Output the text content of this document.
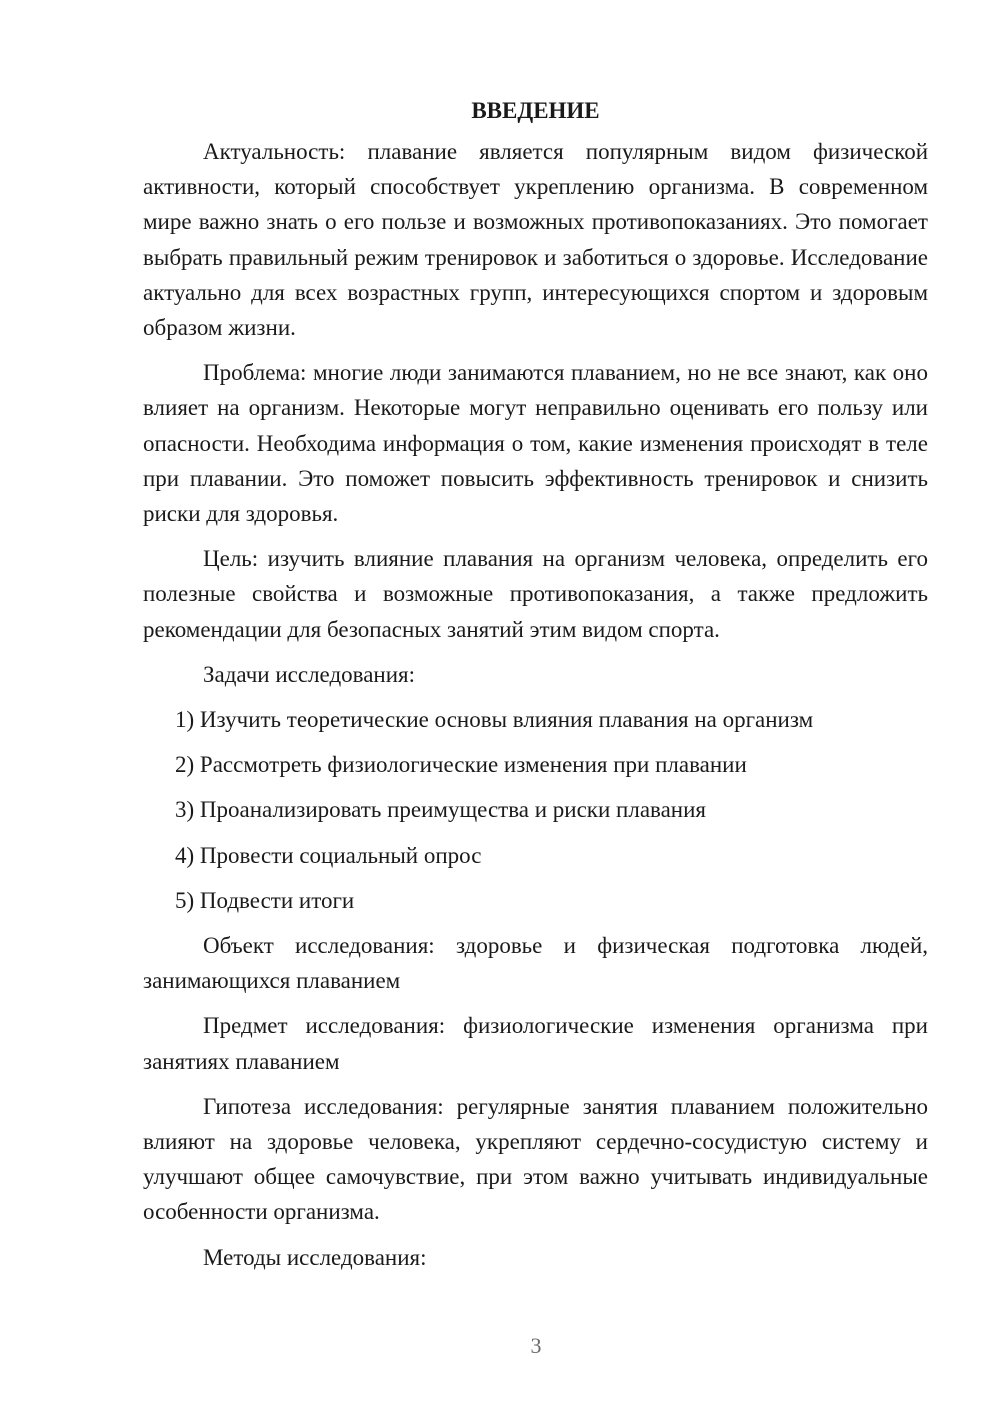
ВВЕДЕНИЕ

Актуальность: плавание является популярным видом физической активности, который способствует укреплению организма. В современном мире важно знать о его пользе и возможных противопоказаниях. Это помогает выбрать правильный режим тренировок и заботиться о здоровье. Исследование актуально для всех возрастных групп, интересующихся спортом и здоровым образом жизни.

Проблема: многие люди занимаются плаванием, но не все знают, как оно влияет на организм. Некоторые могут неправильно оценивать его пользу или опасности. Необходима информация о том, какие изменения происходят в теле при плавании. Это поможет повысить эффективность тренировок и снизить риски для здоровья.

Цель: изучить влияние плавания на организм человека, определить его полезные свойства и возможные противопоказания, а также предложить рекомендации для безопасных занятий этим видом спорта.

Задачи исследования:

1) Изучить теоретические основы влияния плавания на организм
2) Рассмотреть физиологические изменения при плавании
3) Проанализировать преимущества и риски плавания
4) Провести социальный опрос
5) Подвести итоги

Объект исследования: здоровье и физическая подготовка людей, занимающихся плаванием

Предмет исследования: физиологические изменения организма при занятиях плаванием

Гипотеза исследования: регулярные занятия плаванием положительно влияют на здоровье человека, укрепляют сердечно-сосудистую систему и улучшают общее самочувствие, при этом важно учитывать индивидуальные особенности организма.

Методы исследования:

3
